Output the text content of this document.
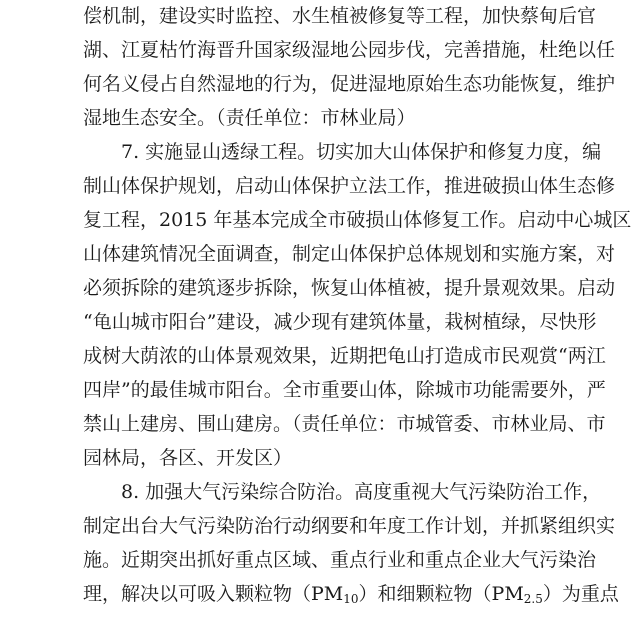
偿机制，建设实时监控、水生植被修复等工程，加快蔡甸后官
湖、江夏枯竹海晋升国家级湿地公园步伐，完善措施，杜绝以任
何名义侵占自然湿地的行为，促进湿地原始生态功能恢复，维护
湿地生态安全。（责任单位：市林业局）
7. 实施显山透绿工程。切实加大山体保护和修复力度，编
制山体保护规划，启动山体保护立法工作，推进破损山体生态修
复工程，2015 年基本完成全市破损山体修复工作。启动中心城区
山体建筑情况全面调查，制定山体保护总体规划和实施方案，对
必须拆除的建筑逐步拆除，恢复山体植被，提升景观效果。启动
“龟山城市阳台”建设，减少现有建筑体量，栽树植绿，尽快形
成树大荫浓的山体景观效果，近期把龟山打造成市民观赏“两江
四岸”的最佳城市阳台。全市重要山体，除城市功能需要外，严
禁山上建房、围山建房。（责任单位：市城管委、市林业局、市
园林局，各区、开发区）
8. 加强大气污染综合防治。高度重视大气污染防治工作，
制定出台大气污染防治行动纲要和年度工作计划，并抓紧组织实
施。近期突出抓好重点区域、重点行业和重点企业大气污染治
理，解决以可吸入颗粒物$(PM_{10})$和细颗粒物$(PM_{2.5})$为重点
